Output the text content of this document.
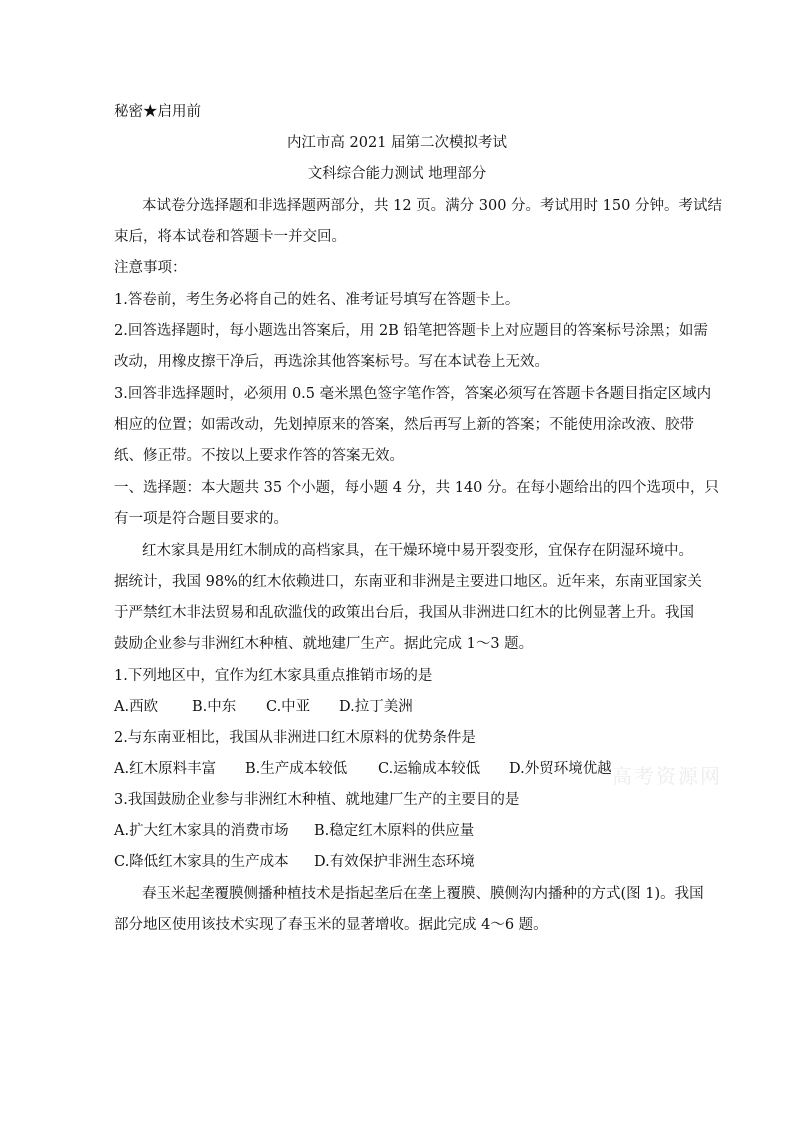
秘密★启用前
内江市高 2021 届第二次模拟考试
文科综合能力测试 地理部分
本试卷分选择题和非选择题两部分，共 12 页。满分 300 分。考试用时 150 分钟。考试结
束后，将本试卷和答题卡一并交回。
注意事项：
1.答卷前，考生务必将自己的姓名、准考证号填写在答题卡上。
2.回答选择题时，每小题选出答案后，用 2B 铅笔把答题卡上对应题目的答案标号涂黑；如需
改动，用橡皮擦干净后，再选涂其他答案标号。写在本试卷上无效。
3.回答非选择题时，必须用 0.5 毫米黑色签字笔作答，答案必须写在答题卡各题目指定区域内
相应的位置；如需改动，先划掉原来的答案，然后再写上新的答案；不能使用涂改液、胶带
纸、修正带。不按以上要求作答的答案无效。
一、选择题：本大题共 35 个小题，每小题 4 分，共 140 分。在每小题给出的四个选项中，只
有一项是符合题目要求的。
红木家具是用红木制成的高档家具，在干燥环境中易开裂变形，宜保存在阴湿环境中。
据统计，我国 98%的红木依赖进口，东南亚和非洲是主要进口地区。近年来，东南亚国家关
于严禁红木非法贸易和乱砍滥伐的政策出台后，我国从非洲进口红木的比例显著上升。我国
鼓励企业参与非洲红木种植、就地建厂生产。据此完成 1～3 题。
1.下列地区中，宜作为红木家具重点推销市场的是
A.西欧 B.中东 C.中亚 D.拉丁美洲
2.与东南亚相比，我国从非洲进口红木原料的优势条件是
A.红木原料丰富 B.生产成本较低 C.运输成本较低 D.外贸环境优越
3.我国鼓励企业参与非洲红木种植、就地建厂生产的主要目的是
A.扩大红木家具的消费市场 B.稳定红木原料的供应量
C.降低红木家具的生产成本 D.有效保护非洲生态环境
春玉米起垄覆膜侧播种植技术是指起垄后在垄上覆膜、膜侧沟内播种的方式(图 1)。我国
部分地区使用该技术实现了春玉米的显著增收。据此完成 4～6 题。
高考资源网
